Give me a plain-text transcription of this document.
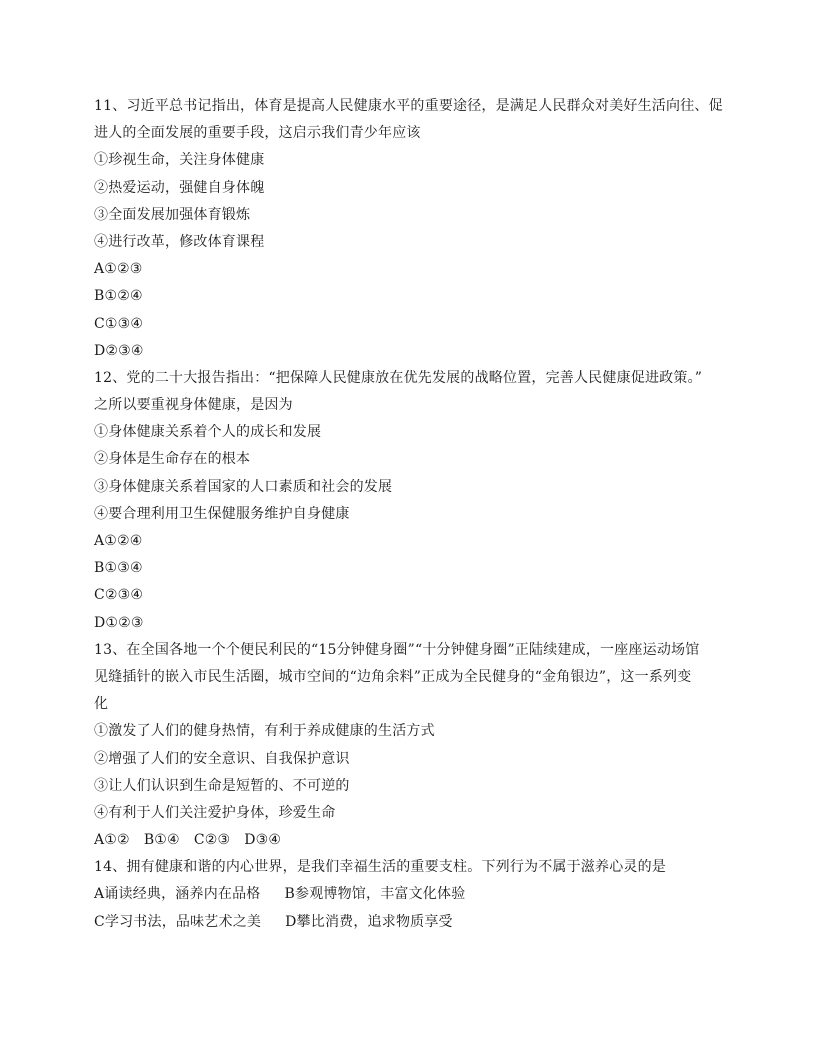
11、习近平总书记指出，体育是提高人民健康水平的重要途径，是满足人民群众对美好生活向往、促
进人的全面发展的重要手段，这启示我们青少年应该
①珍视生命，关注身体健康
②热爱运动，强健自身体魄
③全面发展加强体育锻炼
④进行改革，修改体育课程
A①②③
B①②④
C①③④
D②③④
12、党的二十大报告指出：“把保障人民健康放在优先发展的战略位置，完善人民健康促进政策。”
之所以要重视身体健康，是因为
①身体健康关系着个人的成长和发展
②身体是生命存在的根本
③身体健康关系着国家的人口素质和社会的发展
④要合理利用卫生保健服务维护自身健康
A①②④
B①③④
C②③④
D①②③
13、在全国各地一个个便民利民的“15分钟健身圈”“十分钟健身圈”正陆续建成，一座座运动场馆
见缝插针的嵌入市民生活圈，城市空间的“边角余料”正成为全民健身的“金角银边”，这一系列变
化
①激发了人们的健身热情，有利于养成健康的生活方式
②增强了人们的安全意识、自我保护意识
③让人们认识到生命是短暂的、不可逆的
④有利于人们关注爱护身体，珍爱生命
A①② B①④ C②③ D③④
14、拥有健康和谐的内心世界，是我们幸福生活的重要支柱。下列行为不属于滋养心灵的是
A诵读经典，涵养内在品格 B参观博物馆，丰富文化体验
C学习书法，品味艺术之美 D攀比消费，追求物质享受
